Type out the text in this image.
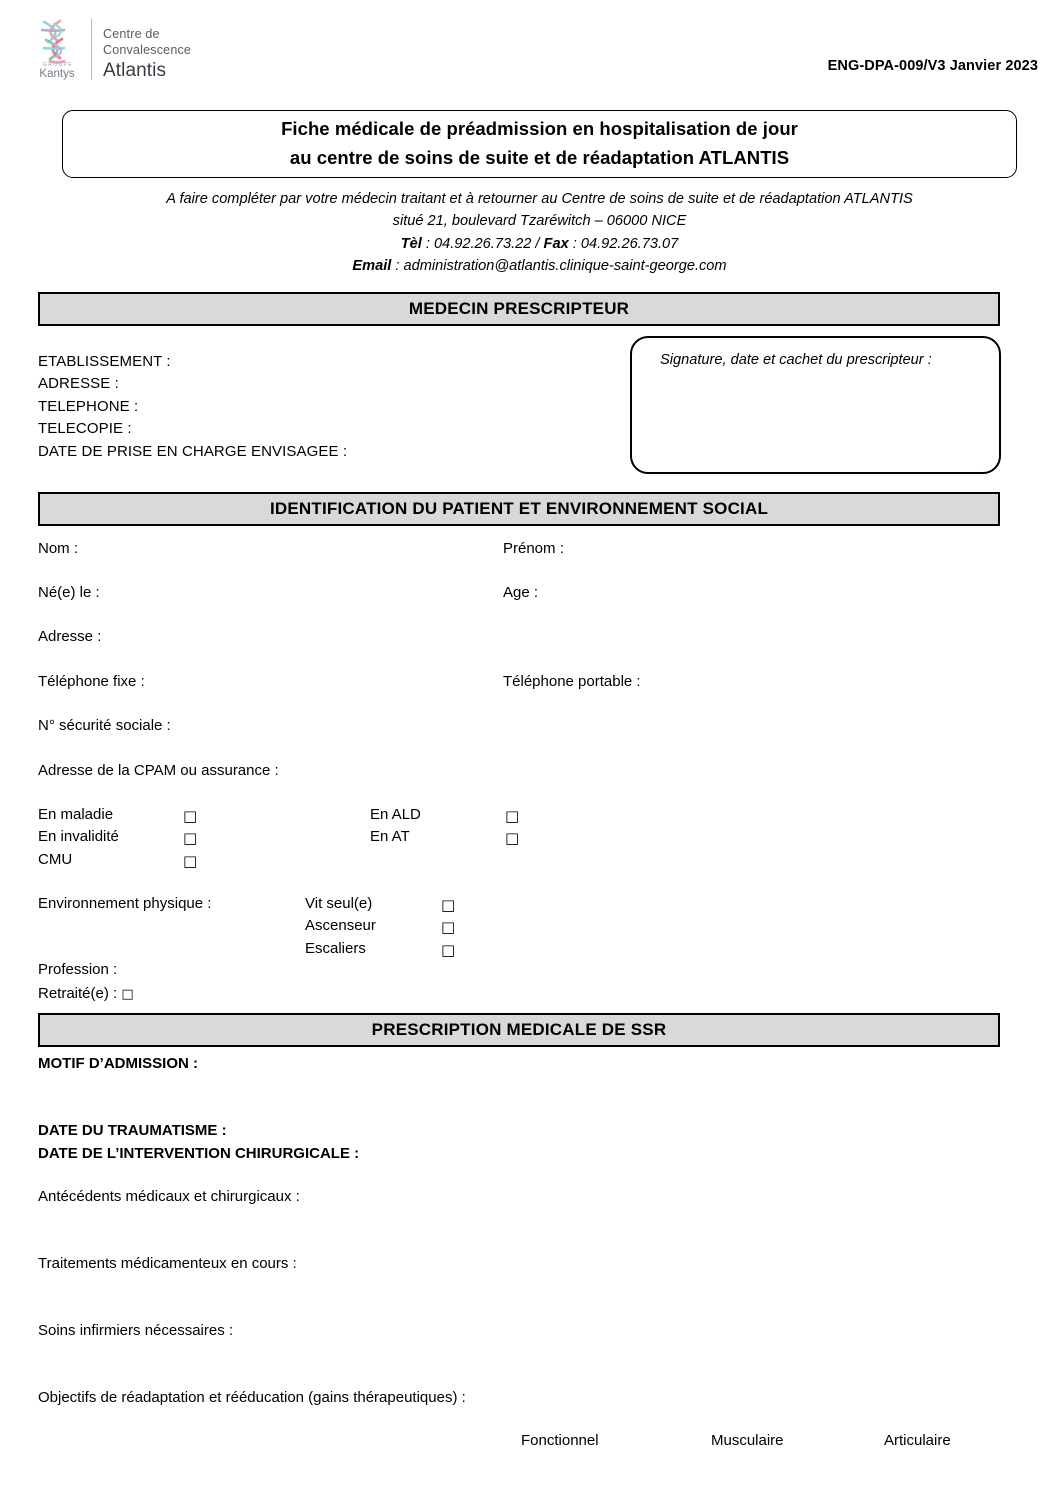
GROUPE
Kantys
Centre de
Convalescence
Atlantis	ENG-DPA-009/V3 Janvier 2023
Fiche médicale de préadmission en hospitalisation de jour
au centre de soins de suite et de réadaptation ATLANTIS
A faire compléter par votre médecin traitant et à retourner au Centre de soins de suite et de réadaptation ATLANTIS
situé 21, boulevard Tzaréwitch – 06000 NICE
Tèl : 04.92.26.73.22 / Fax : 04.92.26.73.07
Email : administration@atlantis.clinique-saint-george.com
MEDECIN PRESCRIPTEUR
ETABLISSEMENT :
ADRESSE :
TELEPHONE :
TELECOPIE :
DATE DE PRISE EN CHARGE ENVISAGEE :
Signature, date et cachet du prescripteur :
IDENTIFICATION DU PATIENT ET ENVIRONNEMENT SOCIAL
Nom :	Prénom :
Né(e) le :	Age :
Adresse :
Téléphone fixe :	Téléphone portable :
N° sécurité sociale :
Adresse de la CPAM ou assurance :
En maladie	□	En ALD	□
En invalidité	□	En AT	□
CMU	□
Environnement physique :	Vit seul(e)	□
Ascenseur	□
Escaliers	□
Profession :
Retraité(e) : □
PRESCRIPTION MEDICALE DE SSR
MOTIF D’ADMISSION :
DATE DU TRAUMATISME :
DATE DE L’INTERVENTION CHIRURGICALE :
Antécédents médicaux et chirurgicaux :
Traitements médicamenteux en cours :
Soins infirmiers nécessaires :
Objectifs de réadaptation et rééducation (gains thérapeutiques) :
Fonctionnel	Musculaire	Articulaire
